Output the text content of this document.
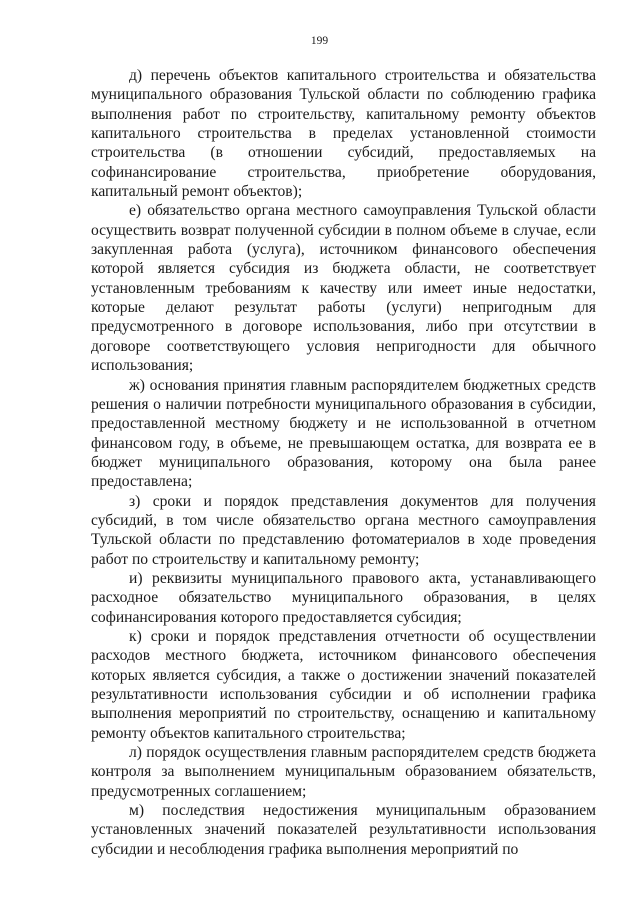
199

д) перечень объектов капитального строительства и обязательства муниципального образования Тульской области по соблюдению графика выполнения работ по строительству, капитальному ремонту объектов капитального строительства в пределах установленной стоимости строительства (в отношении субсидий, предоставляемых на софинансирование строительства, приобретение оборудования, капитальный ремонт объектов);

е) обязательство органа местного самоуправления Тульской области осуществить возврат полученной субсидии в полном объеме в случае, если закупленная работа (услуга), источником финансового обеспечения которой является субсидия из бюджета области, не соответствует установленным требованиям к качеству или имеет иные недостатки, которые делают результат работы (услуги) непригодным для предусмотренного в договоре использования, либо при отсутствии в договоре соответствующего условия непригодности для обычного использования;

ж) основания принятия главным распорядителем бюджетных средств решения о наличии потребности муниципального образования в субсидии, предоставленной местному бюджету и не использованной в отчетном финансовом году, в объеме, не превышающем остатка, для возврата ее в бюджет муниципального образования, которому она была ранее предоставлена;

з) сроки и порядок представления документов для получения субсидий, в том числе обязательство органа местного самоуправления Тульской области по представлению фотоматериалов в ходе проведения работ по строительству и капитальному ремонту;

и) реквизиты муниципального правового акта, устанавливающего расходное обязательство муниципального образования, в целях софинансирования которого предоставляется субсидия;

к) сроки и порядок представления отчетности об осуществлении расходов местного бюджета, источником финансового обеспечения которых является субсидия, а также о достижении значений показателей результативности использования субсидии и об исполнении графика выполнения мероприятий по строительству, оснащению и капитальному ремонту объектов капитального строительства;

л) порядок осуществления главным распорядителем средств бюджета контроля за выполнением муниципальным образованием обязательств, предусмотренных соглашением;

м) последствия недостижения муниципальным образованием установленных значений показателей результативности использования субсидии и несоблюдения графика выполнения мероприятий по
